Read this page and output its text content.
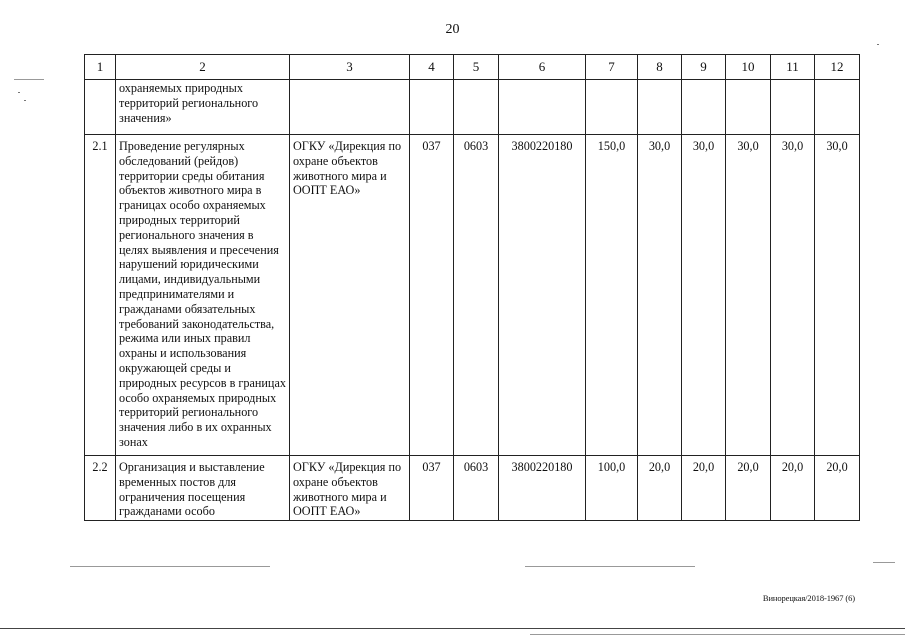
20
1	2	3	4	5	6	7	8	9	10	11	12
	охраняемых природных территорий регионального значения»										
2.1	Проведение регулярных обследований (рейдов) территории среды обитания объектов животного мира в границах особо охраняемых природных территорий регионального значения в целях выявления и пресечения нарушений юридическими лицами, индивидуальными предпринимателями и гражданами обязательных требований законодательства, режима или иных правил охраны и использования окружающей среды и природных ресурсов в границах особо охраняемых природных территорий регионального значения либо в их охранных зонах	ОГКУ «Дирекция по охране объектов животного мира и ООПТ ЕАО»	037	0603	3800220180	150,0	30,0	30,0	30,0	30,0	30,0
2.2	Организация и выставление временных постов для ограничения посещения гражданами особо	ОГКУ «Дирекция по охране объектов животного мира и ООПТ ЕАО»	037	0603	3800220180	100,0	20,0	20,0	20,0	20,0	20,0
Винорецкая/2018-1967 (6)
